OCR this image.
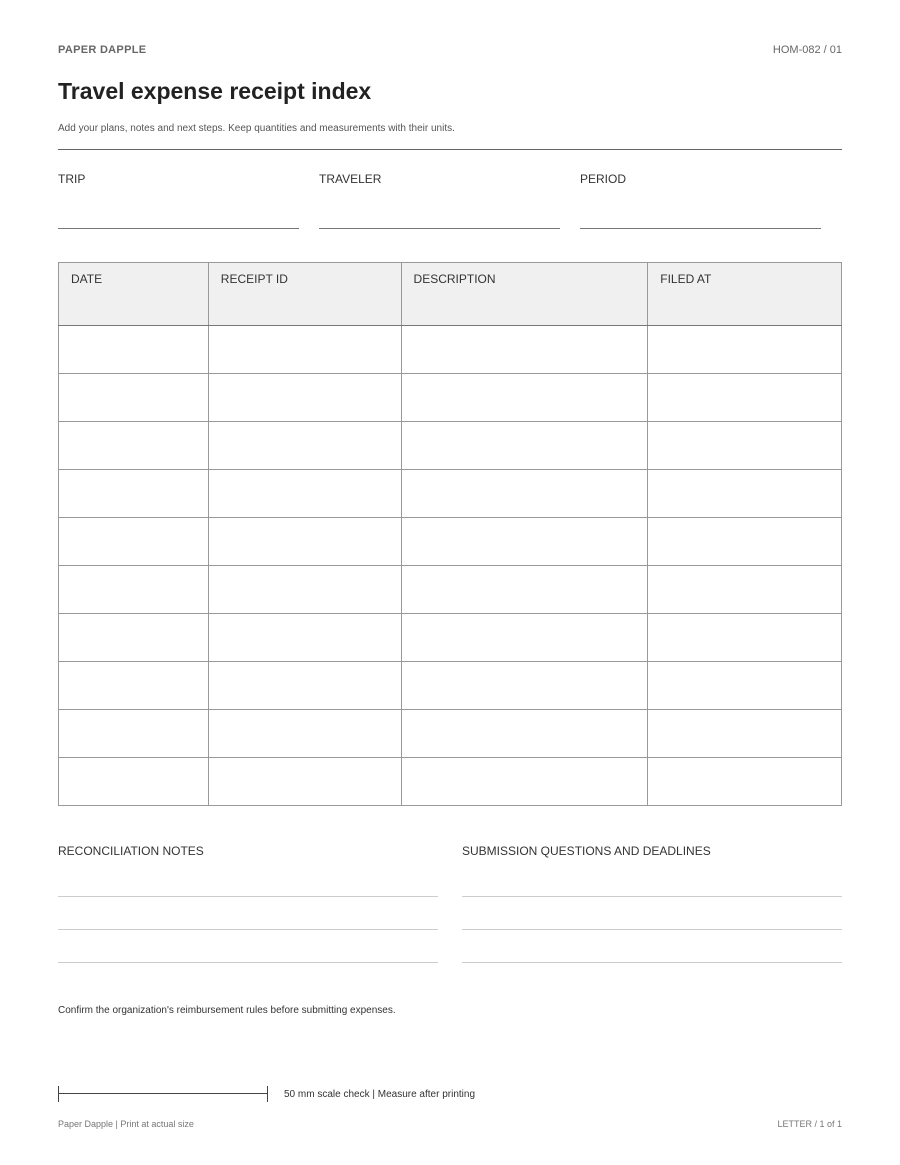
PAPER DAPPLE	HOM-082 / 01
Travel expense receipt index

Add your plans, notes and next steps. Keep quantities and measurements with their units.

TRIP	TRAVELER	PERIOD
DATE	RECEIPT ID	DESCRIPTION	FILED AT

RECONCILIATION NOTES	SUBMISSION QUESTIONS AND DEADLINES

Confirm the organization's reimbursement rules before submitting expenses.

50 mm scale check | Measure after printing
Paper Dapple | Print at actual size	LETTER / 1 of 1
